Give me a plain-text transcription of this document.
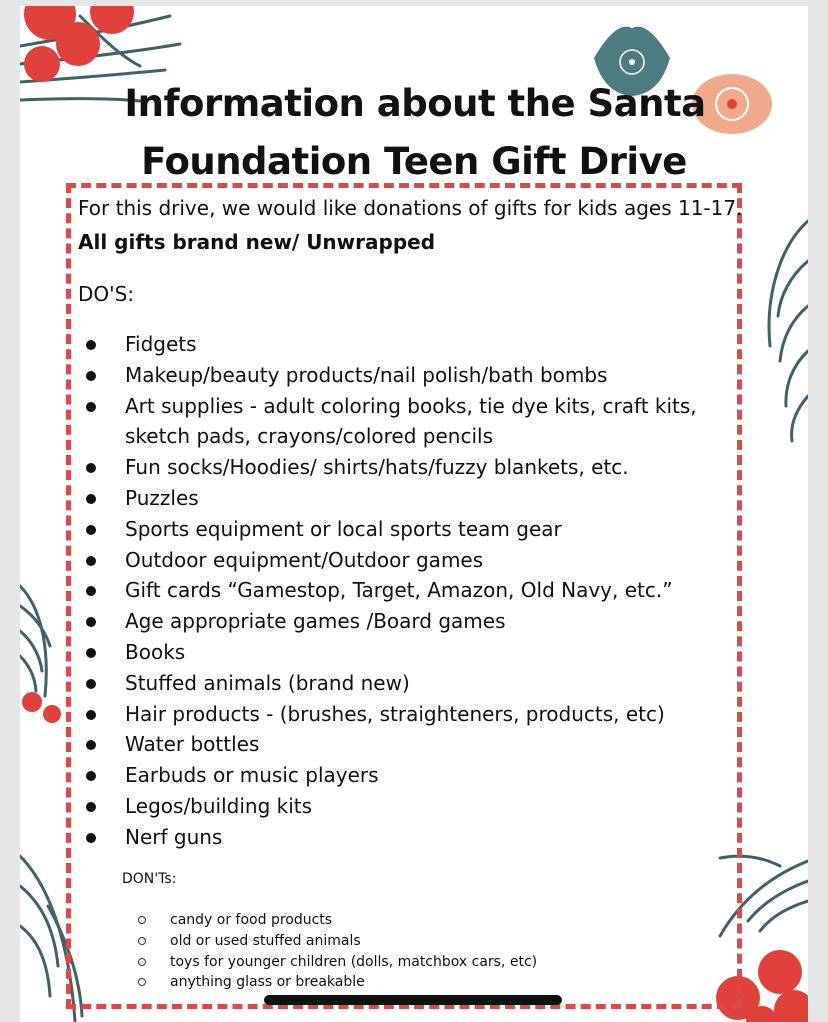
Information about the Santa
Foundation Teen Gift Drive
For this drive, we would like donations of gifts for kids ages 11-17.
All gifts brand new/ Unwrapped
DO'S:
Fidgets
Makeup/beauty products/nail polish/bath bombs
Art supplies - adult coloring books, tie dye kits, craft kits, sketch pads, crayons/colored pencils
Fun socks/Hoodies/ shirts/hats/fuzzy blankets, etc.
Puzzles
Sports equipment or local sports team gear
Outdoor equipment/Outdoor games
Gift cards “Gamestop, Target, Amazon, Old Navy, etc.”
Age appropriate games /Board games
Books
Stuffed animals (brand new)
Hair products - (brushes, straighteners, products, etc)
Water bottles
Earbuds or music players
Legos/building kits
Nerf guns
DON'Ts:
candy or food products
old or used stuffed animals
toys for younger children (dolls, matchbox cars, etc)
anything glass or breakable
